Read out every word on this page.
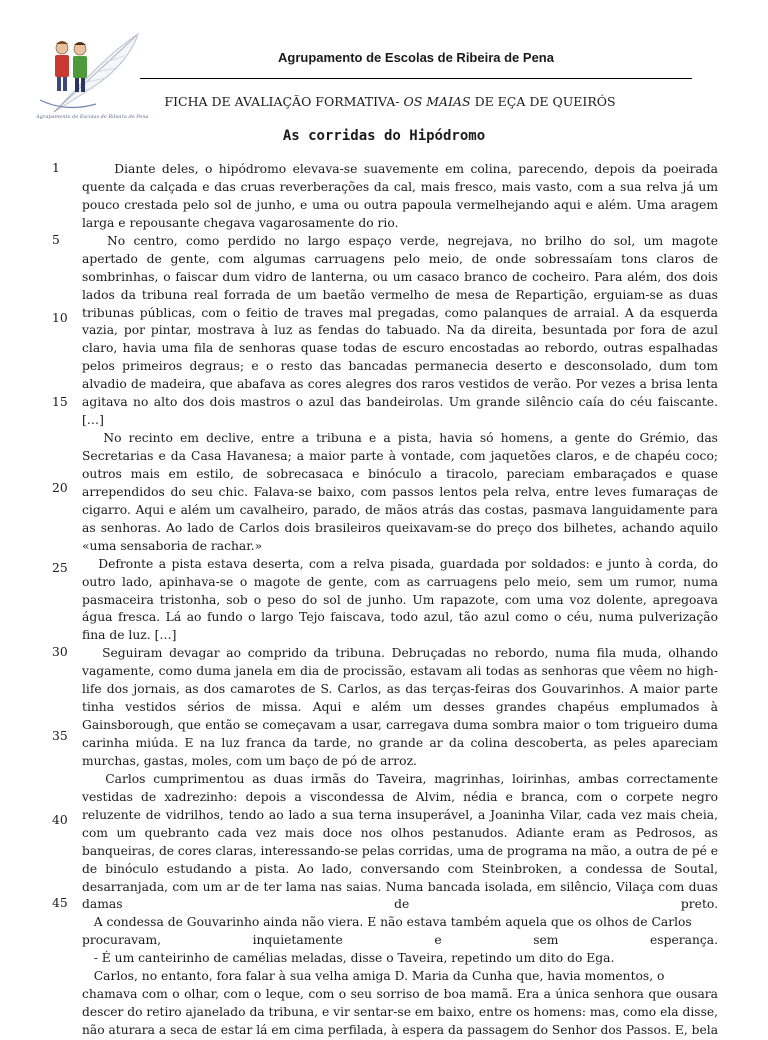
Agrupamento de Escolas de Ribeira de Pena
Agrupamento de Escolas de Ribeira de Pena
FICHA DE AVALIAÇÃO FORMATIVA- OS MAIAS DE EÇA DE QUEIRÓS
As corridas do Hipódromo
1
5
10
15
20
25
30
35
40
45
Diante deles, o hipódromo elevava-se suavemente em colina, parecendo, depois da poeirada
quente da calçada e das cruas reverberações da cal, mais fresco, mais vasto, com a sua relva já um
pouco crestada pelo sol de junho, e uma ou outra papoula vermelhejando aqui e além. Uma aragem
larga e repousante chegava vagarosamente do rio.
No centro, como perdido no largo espaço verde, negrejava, no brilho do sol, um magote
apertado de gente, com algumas carruagens pelo meio, de onde sobressaíam tons claros de
sombrinhas, o faiscar dum vidro de lanterna, ou um casaco branco de cocheiro. Para além, dos dois
lados da tribuna real forrada de um baetão vermelho de mesa de Repartição, erguiam-se as duas
tribunas públicas, com o feitio de traves mal pregadas, como palanques de arraial. A da esquerda
vazia, por pintar, mostrava à luz as fendas do tabuado. Na da direita, besuntada por fora de azul
claro, havia uma fila de senhoras quase todas de escuro encostadas ao rebordo, outras espalhadas
pelos primeiros degraus; e o resto das bancadas permanecia deserto e desconsolado, dum tom
alvadio de madeira, que abafava as cores alegres dos raros vestidos de verão. Por vezes a brisa lenta
agitava no alto dos dois mastros o azul das bandeirolas. Um grande silêncio caía do céu faiscante.
[…]
No recinto em declive, entre a tribuna e a pista, havia só homens, a gente do Grémio, das
Secretarias e da Casa Havanesa; a maior parte à vontade, com jaquetões claros, e de chapéu coco;
outros mais em estilo, de sobrecasaca e binóculo a tiracolo, pareciam embaraçados e quase
arrependidos do seu chic. Falava-se baixo, com passos lentos pela relva, entre leves fumaraças de
cigarro. Aqui e além um cavalheiro, parado, de mãos atrás das costas, pasmava languidamente para
as senhoras. Ao lado de Carlos dois brasileiros queixavam-se do preço dos bilhetes, achando aquilo
«uma sensaboria de rachar.»
Defronte a pista estava deserta, com a relva pisada, guardada por soldados: e junto à corda, do
outro lado, apinhava-se o magote de gente, com as carruagens pelo meio, sem um rumor, numa
pasmaceira tristonha, sob o peso do sol de junho. Um rapazote, com uma voz dolente, apregoava
água fresca. Lá ao fundo o largo Tejo faiscava, todo azul, tão azul como o céu, numa pulverização
fina de luz. […]
Seguiram devagar ao comprido da tribuna. Debruçadas no rebordo, numa fila muda, olhando
vagamente, como duma janela em dia de procissão, estavam ali todas as senhoras que vêem no high-
life dos jornais, as dos camarotes de S. Carlos, as das terças-feiras dos Gouvarinhos. A maior parte
tinha vestidos sérios de missa. Aqui e além um desses grandes chapéus emplumados à
Gainsborough, que então se começavam a usar, carregava duma sombra maior o tom trigueiro duma
carinha miúda. E na luz franca da tarde, no grande ar da colina descoberta, as peles apareciam
murchas, gastas, moles, com um baço de pó de arroz.
Carlos cumprimentou as duas irmãs do Taveira, magrinhas, loirinhas, ambas correctamente
vestidas de xadrezinho: depois a viscondessa de Alvim, nédia e branca, com o corpete negro
reluzente de vidrilhos, tendo ao lado a sua terna insuperável, a Joaninha Vilar, cada vez mais cheia,
com um quebranto cada vez mais doce nos olhos pestanudos. Adiante eram as Pedrosos, as
banqueiras, de cores claras, interessando-se pelas corridas, uma de programa na mão, a outra de pé e
de binóculo estudando a pista. Ao lado, conversando com Steinbroken, a condessa de Soutal,
desarranjada, com um ar de ter lama nas saias. Numa bancada isolada, em silêncio, Vilaça com duas
damas de preto.
A condessa de Gouvarinho ainda não viera. E não estava também aquela que os olhos de Carlos
procuravam, inquietamente e sem esperança.
- É um canteirinho de camélias meladas, disse o Taveira, repetindo um dito do Ega.
Carlos, no entanto, fora falar à sua velha amiga D. Maria da Cunha que, havia momentos, o
chamava com o olhar, com o leque, com o seu sorriso de boa mamã. Era a única senhora que ousara
descer do retiro ajanelado da tribuna, e vir sentar-se em baixo, entre os homens: mas, como ela disse,
não aturara a seca de estar lá em cima perfilada, à espera da passagem do Senhor dos Passos. E, bela
